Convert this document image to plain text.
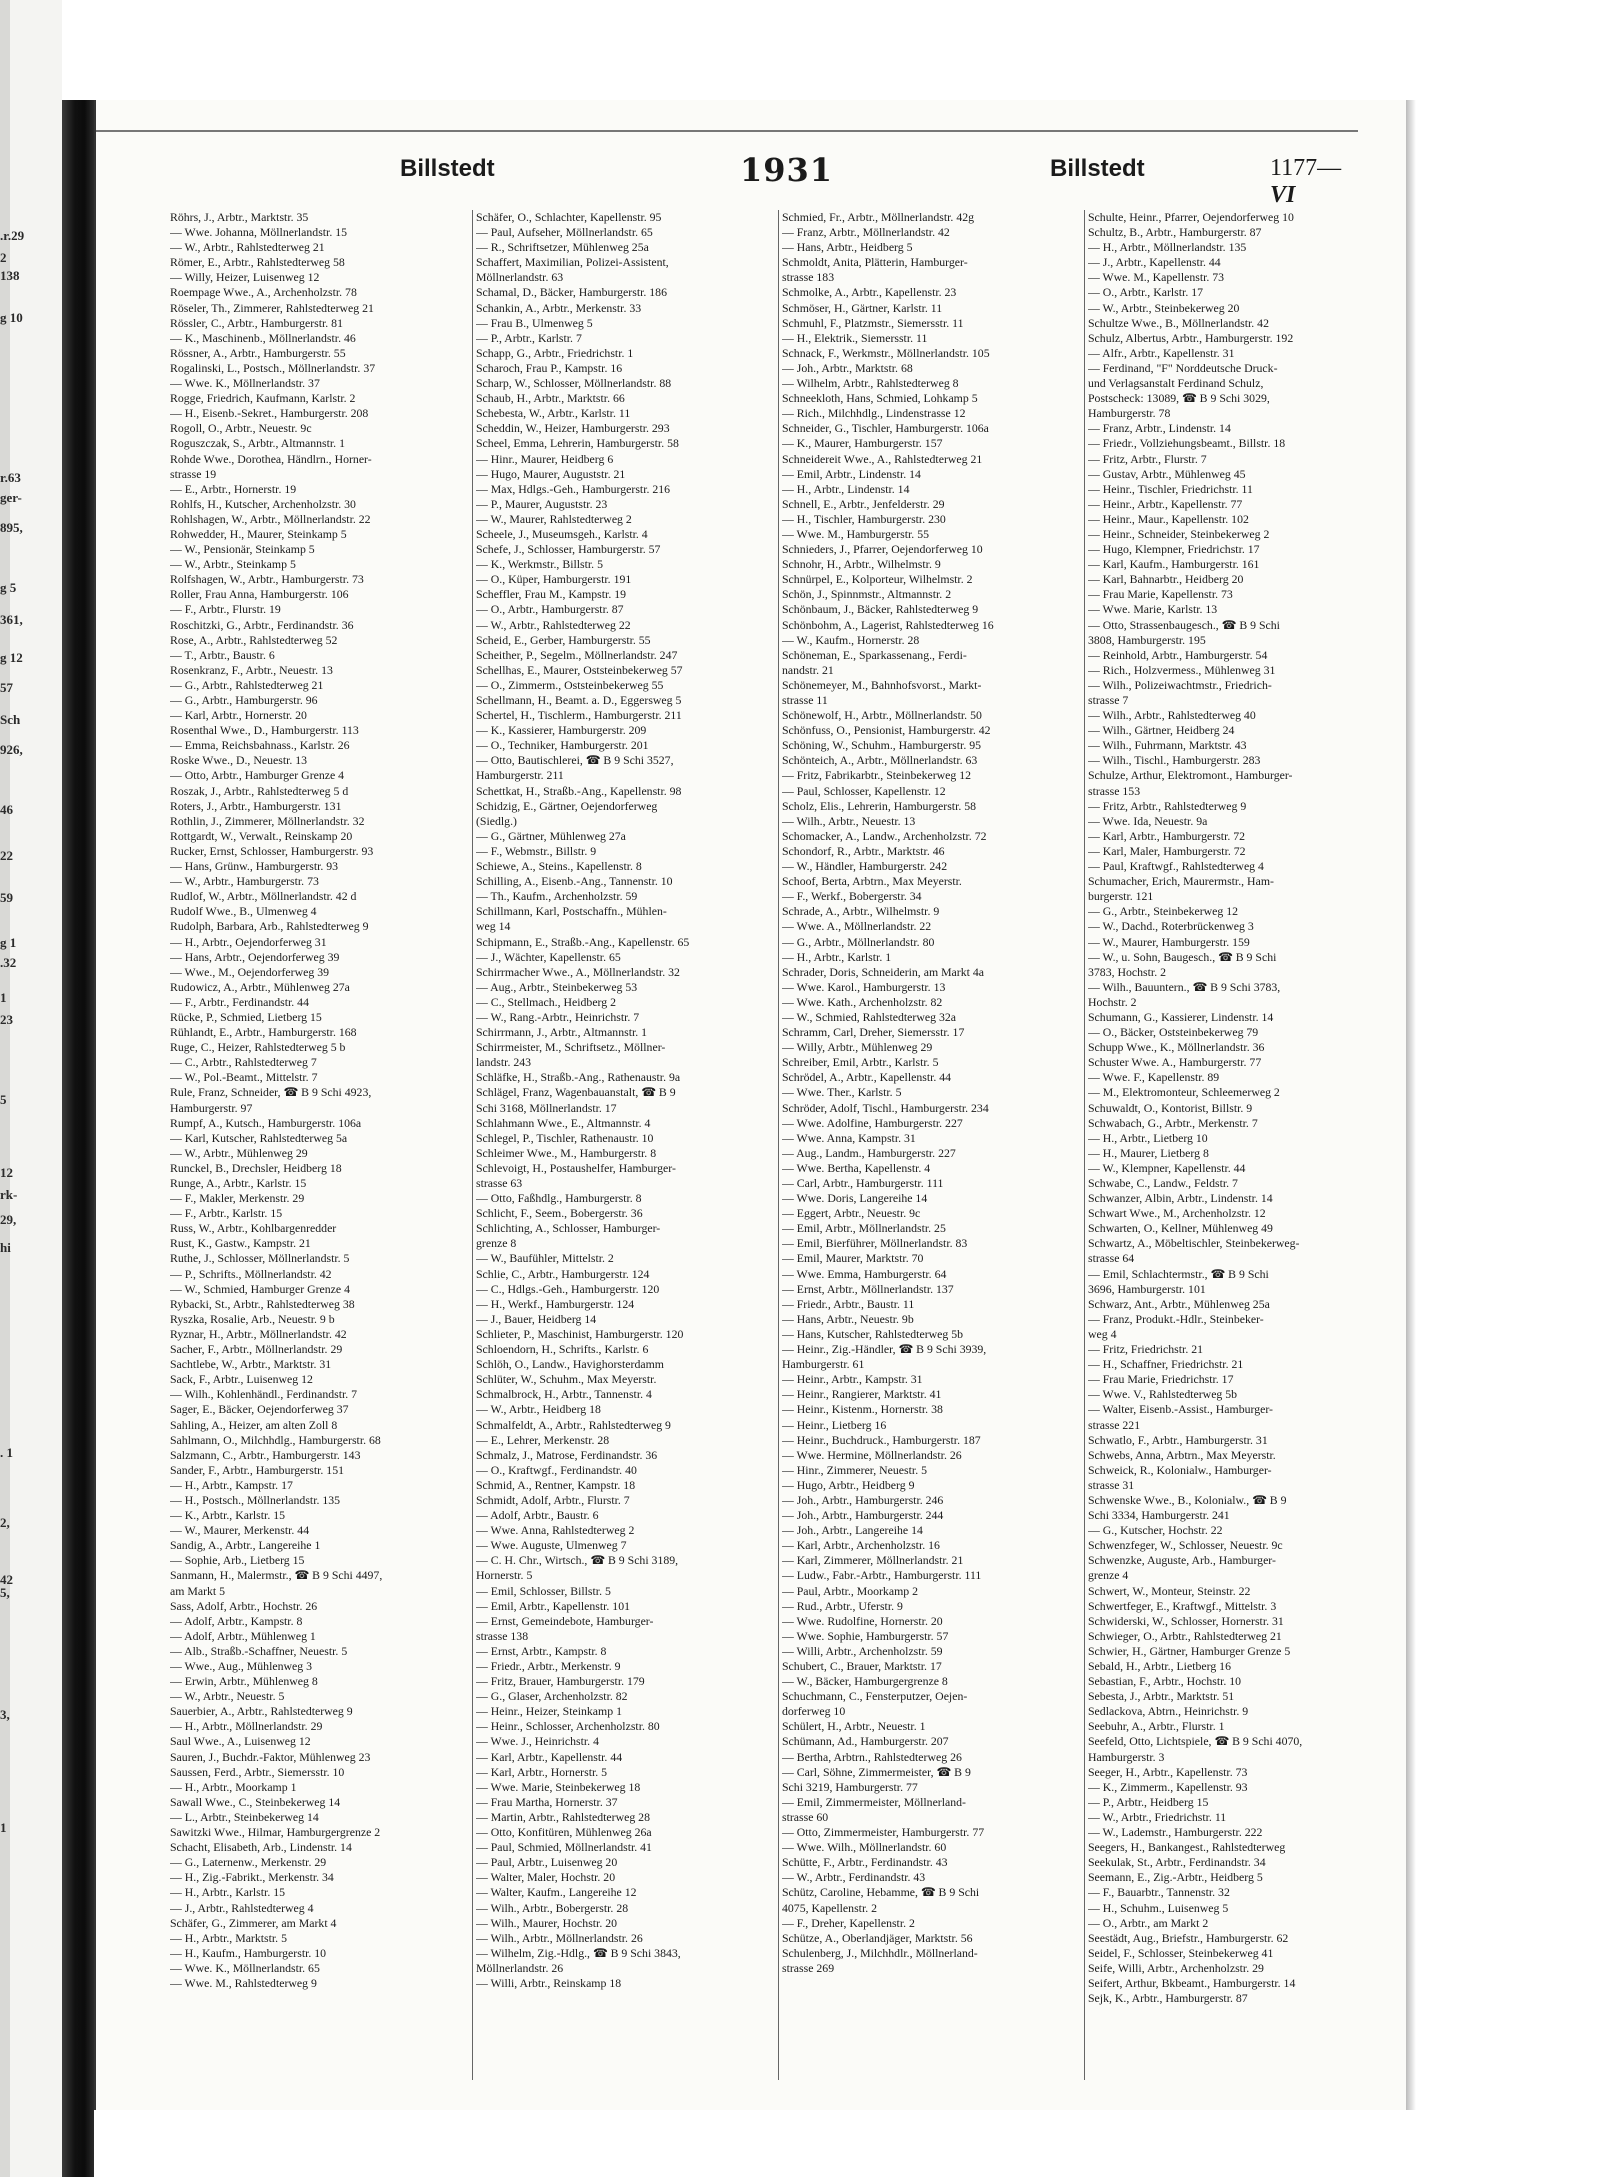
.r.29
2
138
g 10
r.63
ger-
895,
g 5
361,
g 12
57
Sch
926,
46
22
59
g 1
.32
1
23
5
12
rk-
29,
hi
. 1
2,
42
5,
3,
1
Billstedt	1931	Billstedt	1177—VI
Röhrs, J., Arbtr., Marktstr. 35
— Wwe. Johanna, Möllnerlandstr. 15
— W., Arbtr., Rahlstedterweg 21
Römer, E., Arbtr., Rahlstedterweg 58
— Willy, Heizer, Luisenweg 12
Roempage Wwe., A., Archenholzstr. 78
Röseler, Th., Zimmerer, Rahlstedterweg 21
Rössler, C., Arbtr., Hamburgerstr. 81
— K., Maschinenb., Möllnerlandstr. 46
Rössner, A., Arbtr., Hamburgerstr. 55
Rogalinski, L., Postsch., Möllnerlandstr. 37
— Wwe. K., Möllnerlandstr. 37
Rogge, Friedrich, Kaufmann, Karlstr. 2
— H., Eisenb.-Sekret., Hamburgerstr. 208
Rogoll, O., Arbtr., Neuestr. 9c
Roguszczak, S., Arbtr., Altmannstr. 1
Rohde Wwe., Dorothea, Händlrn., Horner-
strasse 19
— E., Arbtr., Hornerstr. 19
Rohlfs, H., Kutscher, Archenholzstr. 30
Rohlshagen, W., Arbtr., Möllnerlandstr. 22
Rohwedder, H., Maurer, Steinkamp 5
— W., Pensionär, Steinkamp 5
— W., Arbtr., Steinkamp 5
Rolfshagen, W., Arbtr., Hamburgerstr. 73
Roller, Frau Anna, Hamburgerstr. 106
— F., Arbtr., Flurstr. 19
Roschitzki, G., Arbtr., Ferdinandstr. 36
Rose, A., Arbtr., Rahlstedterweg 52
— T., Arbtr., Baustr. 6
Rosenkranz, F., Arbtr., Neuestr. 13
— G., Arbtr., Rahlstedterweg 21
— G., Arbtr., Hamburgerstr. 96
— Karl, Arbtr., Hornerstr. 20
Rosenthal Wwe., D., Hamburgerstr. 113
— Emma, Reichsbahnass., Karlstr. 26
Roske Wwe., D., Neuestr. 13
— Otto, Arbtr., Hamburger Grenze 4
Roszak, J., Arbtr., Rahlstedterweg 5 d
Roters, J., Arbtr., Hamburgerstr. 131
Rothlin, J., Zimmerer, Möllnerlandstr. 32
Rottgardt, W., Verwalt., Reinskamp 20
Rucker, Ernst, Schlosser, Hamburgerstr. 93
— Hans, Grünw., Hamburgerstr. 93
— W., Arbtr., Hamburgerstr. 73
Rudlof, W., Arbtr., Möllnerlandstr. 42 d
Rudolf Wwe., B., Ulmenweg 4
Rudolph, Barbara, Arb., Rahlstedterweg 9
— H., Arbtr., Oejendorferweg 31
— Hans, Arbtr., Oejendorferweg 39
— Wwe., M., Oejendorferweg 39
Rudowicz, A., Arbtr., Mühlenweg 27a
— F., Arbtr., Ferdinandstr. 44
Rücke, P., Schmied, Lietberg 15
Rühlandt, E., Arbtr., Hamburgerstr. 168
Ruge, C., Heizer, Rahlstedterweg 5 b
— C., Arbtr., Rahlstedterweg 7
— W., Pol.-Beamt., Mittelstr. 7
Rule, Franz, Schneider, ☎ B 9 Schi 4923,
Hamburgerstr. 97
Rumpf, A., Kutsch., Hamburgerstr. 106a
— Karl, Kutscher, Rahlstedterweg 5a
— W., Arbtr., Mühlenweg 29
Runckel, B., Drechsler, Heidberg 18
Runge, A., Arbtr., Karlstr. 15
— F., Makler, Merkenstr. 29
— F., Arbtr., Karlstr. 15
Russ, W., Arbtr., Kohlbargenredder
Rust, K., Gastw., Kampstr. 21
Ruthe, J., Schlosser, Möllnerlandstr. 5
— P., Schrifts., Möllnerlandstr. 42
— W., Schmied, Hamburger Grenze 4
Rybacki, St., Arbtr., Rahlstedterweg 38
Ryszka, Rosalie, Arb., Neuestr. 9 b
Ryznar, H., Arbtr., Möllnerlandstr. 42
Sacher, F., Arbtr., Möllnerlandstr. 29
Sachtlebe, W., Arbtr., Marktstr. 31
Sack, F., Arbtr., Luisenweg 12
— Wilh., Kohlenhändl., Ferdinandstr. 7
Sager, E., Bäcker, Oejendorferweg 37
Sahling, A., Heizer, am alten Zoll 8
Sahlmann, O., Milchhdlg., Hamburgerstr. 68
Salzmann, C., Arbtr., Hamburgerstr. 143
Sander, F., Arbtr., Hamburgerstr. 151
— H., Arbtr., Kampstr. 17
— H., Postsch., Möllnerlandstr. 135
— K., Arbtr., Karlstr. 15
— W., Maurer, Merkenstr. 44
Sandig, A., Arbtr., Langereihe 1
— Sophie, Arb., Lietberg 15
Sanmann, H., Malermstr., ☎ B 9 Schi 4497,
am Markt 5
Sass, Adolf, Arbtr., Hochstr. 26
— Adolf, Arbtr., Kampstr. 8
— Adolf, Arbtr., Mühlenweg 1
— Alb., Straßb.-Schaffner, Neuestr. 5
— Wwe., Aug., Mühlenweg 3
— Erwin, Arbtr., Mühlenweg 8
— W., Arbtr., Neuestr. 5
Sauerbier, A., Arbtr., Rahlstedterweg 9
— H., Arbtr., Möllnerlandstr. 29
Saul Wwe., A., Luisenweg 12
Sauren, J., Buchdr.-Faktor, Mühlenweg 23
Saussen, Ferd., Arbtr., Siemersstr. 10
— H., Arbtr., Moorkamp 1
Sawall Wwe., C., Steinbekerweg 14
— L., Arbtr., Steinbekerweg 14
Sawitzki Wwe., Hilmar, Hamburgergrenze 2
Schacht, Elisabeth, Arb., Lindenstr. 14
— G., Laternenw., Merkenstr. 29
— H., Zig.-Fabrikt., Merkenstr. 34
— H., Arbtr., Karlstr. 15
— J., Arbtr., Rahlstedterweg 4
Schäfer, G., Zimmerer, am Markt 4
— H., Arbtr., Marktstr. 5
— H., Kaufm., Hamburgerstr. 10
— Wwe. K., Möllnerlandstr. 65
— Wwe. M., Rahlstedterweg 9
Schäfer, O., Schlachter, Kapellenstr. 95
— Paul, Aufseher, Möllnerlandstr. 65
— R., Schriftsetzer, Mühlenweg 25a
Schaffert, Maximilian, Polizei-Assistent,
Möllnerlandstr. 63
Schamal, D., Bäcker, Hamburgerstr. 186
Schankin, A., Arbtr., Merkenstr. 33
— Frau B., Ulmenweg 5
— P., Arbtr., Karlstr. 7
Schapp, G., Arbtr., Friedrichstr. 1
Scharoch, Frau P., Kampstr. 16
Scharp, W., Schlosser, Möllnerlandstr. 88
Schaub, H., Arbtr., Marktstr. 66
Schebesta, W., Arbtr., Karlstr. 11
Scheddin, W., Heizer, Hamburgerstr. 293
Scheel, Emma, Lehrerin, Hamburgerstr. 58
— Hinr., Maurer, Heidberg 6
— Hugo, Maurer, Auguststr. 21
— Max, Hdlgs.-Geh., Hamburgerstr. 216
— P., Maurer, Auguststr. 23
— W., Maurer, Rahlstedterweg 2
Scheele, J., Museumsgeh., Karlstr. 4
Schefe, J., Schlosser, Hamburgerstr. 57
— K., Werkmstr., Billstr. 5
— O., Küper, Hamburgerstr. 191
Scheffler, Frau M., Kampstr. 19
— O., Arbtr., Hamburgerstr. 87
— W., Arbtr., Rahlstedterweg 22
Scheid, E., Gerber, Hamburgerstr. 55
Scheither, P., Segelm., Möllnerlandstr. 247
Schellhas, E., Maurer, Oststeinbekerweg 57
— O., Zimmerm., Oststeinbekerweg 55
Schellmann, H., Beamt. a. D., Eggersweg 5
Schertel, H., Tischlerm., Hamburgerstr. 211
— K., Kassierer, Hamburgerstr. 209
— O., Techniker, Hamburgerstr. 201
— Otto, Bautischlerei, ☎ B 9 Schi 3527,
Hamburgerstr. 211
Schettkat, H., Straßb.-Ang., Kapellenstr. 98
Schidzig, E., Gärtner, Oejendorferweg
(Siedlg.)
— G., Gärtner, Mühlenweg 27a
— F., Webmstr., Billstr. 9
Schiewe, A., Steins., Kapellenstr. 8
Schilling, A., Eisenb.-Ang., Tannenstr. 10
— Th., Kaufm., Archenholzstr. 59
Schillmann, Karl, Postschaffn., Mühlen-
weg 14
Schipmann, E., Straßb.-Ang., Kapellenstr. 65
— J., Wächter, Kapellenstr. 65
Schirrmacher Wwe., A., Möllnerlandstr. 32
— Aug., Arbtr., Steinbekerweg 53
— C., Stellmach., Heidberg 2
— W., Rang.-Arbtr., Heinrichstr. 7
Schirrmann, J., Arbtr., Altmannstr. 1
Schirrmeister, M., Schriftsetz., Möllner-
landstr. 243
Schläfke, H., Straßb.-Ang., Rathenaustr. 9a
Schlägel, Franz, Wagenbauanstalt, ☎ B 9
Schi 3168, Möllnerlandstr. 17
Schlahmann Wwe., E., Altmannstr. 4
Schlegel, P., Tischler, Rathenaustr. 10
Schleimer Wwe., M., Hamburgerstr. 8
Schlevoigt, H., Postaushelfer, Hamburger-
strasse 63
— Otto, Faßhdlg., Hamburgerstr. 8
Schlicht, F., Seem., Bobergerstr. 36
Schlichting, A., Schlosser, Hamburger-
grenze 8
— W., Baufühler, Mittelstr. 2
Schlie, C., Arbtr., Hamburgerstr. 124
— C., Hdlgs.-Geh., Hamburgerstr. 120
— H., Werkf., Hamburgerstr. 124
— J., Bauer, Heidberg 14
Schlieter, P., Maschinist, Hamburgerstr. 120
Schloendorn, H., Schrifts., Karlstr. 6
Schlöh, O., Landw., Havighorsterdamm
Schlüter, W., Schuhm., Max Meyerstr.
Schmalbrock, H., Arbtr., Tannenstr. 4
— W., Arbtr., Heidberg 18
Schmalfeldt, A., Arbtr., Rahlstedterweg 9
— E., Lehrer, Merkenstr. 28
Schmalz, J., Matrose, Ferdinandstr. 36
— O., Kraftwgf., Ferdinandstr. 40
Schmid, A., Rentner, Kampstr. 18
Schmidt, Adolf, Arbtr., Flurstr. 7
— Adolf, Arbtr., Baustr. 6
— Wwe. Anna, Rahlstedterweg 2
— Wwe. Auguste, Ulmenweg 7
— C. H. Chr., Wirtsch., ☎ B 9 Schi 3189,
Hornerstr. 5
— Emil, Schlosser, Billstr. 5
— Emil, Arbtr., Kapellenstr. 101
— Ernst, Gemeindebote, Hamburger-
strasse 138
— Ernst, Arbtr., Kampstr. 8
— Friedr., Arbtr., Merkenstr. 9
— Fritz, Brauer, Hamburgerstr. 179
— G., Glaser, Archenholzstr. 82
— Heinr., Heizer, Steinkamp 1
— Heinr., Schlosser, Archenholzstr. 80
— Wwe. J., Heinrichstr. 4
— Karl, Arbtr., Kapellenstr. 44
— Karl, Arbtr., Hornerstr. 5
— Wwe. Marie, Steinbekerweg 18
— Frau Martha, Hornerstr. 37
— Martin, Arbtr., Rahlstedterweg 28
— Otto, Konfitüren, Mühlenweg 26a
— Paul, Schmied, Möllnerlandstr. 41
— Paul, Arbtr., Luisenweg 20
— Walter, Maler, Hochstr. 20
— Walter, Kaufm., Langereihe 12
— Wilh., Arbtr., Bobergerstr. 28
— Wilh., Maurer, Hochstr. 20
— Wilh., Arbtr., Möllnerlandstr. 26
— Wilhelm, Zig.-Hdlg., ☎ B 9 Schi 3843,
Möllnerlandstr. 26
— Willi, Arbtr., Reinskamp 18
Schmied, Fr., Arbtr., Möllnerlandstr. 42g
— Franz, Arbtr., Möllnerlandstr. 42
— Hans, Arbtr., Heidberg 5
Schmoldt, Anita, Plätterin, Hamburger-
strasse 183
Schmolke, A., Arbtr., Kapellenstr. 23
Schmöser, H., Gärtner, Karlstr. 11
Schmuhl, F., Platzmstr., Siemersstr. 11
— H., Elektrik., Siemersstr. 11
Schnack, F., Werkmstr., Möllnerlandstr. 105
— Joh., Arbtr., Marktstr. 68
— Wilhelm, Arbtr., Rahlstedterweg 8
Schneekloth, Hans, Schmied, Lohkamp 5
— Rich., Milchhdlg., Lindenstrasse 12
Schneider, G., Tischler, Hamburgerstr. 106a
— K., Maurer, Hamburgerstr. 157
Schneidereit Wwe., A., Rahlstedterweg 21
— Emil, Arbtr., Lindenstr. 14
— H., Arbtr., Lindenstr. 14
Schnell, E., Arbtr., Jenfelderstr. 29
— H., Tischler, Hamburgerstr. 230
— Wwe. M., Hamburgerstr. 55
Schnieders, J., Pfarrer, Oejendorferweg 10
Schnohr, H., Arbtr., Wilhelmstr. 9
Schnürpel, E., Kolporteur, Wilhelmstr. 2
Schön, J., Spinnmstr., Altmannstr. 2
Schönbaum, J., Bäcker, Rahlstedterweg 9
Schönbohm, A., Lagerist, Rahlstedterweg 16
— W., Kaufm., Hornerstr. 28
Schöneman, E., Sparkassenang., Ferdi-
nandstr. 21
Schönemeyer, M., Bahnhofsvorst., Markt-
strasse 11
Schönewolf, H., Arbtr., Möllnerlandstr. 50
Schönfuss, O., Pensionist, Hamburgerstr. 42
Schöning, W., Schuhm., Hamburgerstr. 95
Schönteich, A., Arbtr., Möllnerlandstr. 63
— Fritz, Fabrikarbtr., Steinbekerweg 12
— Paul, Schlosser, Kapellenstr. 12
Scholz, Elis., Lehrerin, Hamburgerstr. 58
— Wilh., Arbtr., Neuestr. 13
Schomacker, A., Landw., Archenholzstr. 72
Schondorf, R., Arbtr., Marktstr. 46
— W., Händler, Hamburgerstr. 242
Schoof, Berta, Arbtrn., Max Meyerstr.
— F., Werkf., Bobergerstr. 34
Schrade, A., Arbtr., Wilhelmstr. 9
— Wwe. A., Möllnerlandstr. 22
— G., Arbtr., Möllnerlandstr. 80
— H., Arbtr., Karlstr. 1
Schrader, Doris, Schneiderin, am Markt 4a
— Wwe. Karol., Hamburgerstr. 13
— Wwe. Kath., Archenholzstr. 82
— W., Schmied, Rahlstedterweg 32a
Schramm, Carl, Dreher, Siemersstr. 17
— Willy, Arbtr., Mühlenweg 29
Schreiber, Emil, Arbtr., Karlstr. 5
Schrödel, A., Arbtr., Kapellenstr. 44
— Wwe. Ther., Karlstr. 5
Schröder, Adolf, Tischl., Hamburgerstr. 234
— Wwe. Adolfine, Hamburgerstr. 227
— Wwe. Anna, Kampstr. 31
— Aug., Landm., Hamburgerstr. 227
— Wwe. Bertha, Kapellenstr. 4
— Carl, Arbtr., Hamburgerstr. 111
— Wwe. Doris, Langereihe 14
— Eggert, Arbtr., Neuestr. 9c
— Emil, Arbtr., Möllnerlandstr. 25
— Emil, Bierführer, Möllnerlandstr. 83
— Emil, Maurer, Marktstr. 70
— Wwe. Emma, Hamburgerstr. 64
— Ernst, Arbtr., Möllnerlandstr. 137
— Friedr., Arbtr., Baustr. 11
— Hans, Arbtr., Neuestr. 9b
— Hans, Kutscher, Rahlstedterweg 5b
— Heinr., Zig.-Händler, ☎ B 9 Schi 3939,
Hamburgerstr. 61
— Heinr., Arbtr., Kampstr. 31
— Heinr., Rangierer, Marktstr. 41
— Heinr., Kistenm., Hornerstr. 38
— Heinr., Lietberg 16
— Heinr., Buchdruck., Hamburgerstr. 187
— Wwe. Hermine, Möllnerlandstr. 26
— Hinr., Zimmerer, Neuestr. 5
— Hugo, Arbtr., Heidberg 9
— Joh., Arbtr., Hamburgerstr. 246
— Joh., Arbtr., Hamburgerstr. 244
— Joh., Arbtr., Langereihe 14
— Karl, Arbtr., Archenholzstr. 16
— Karl, Zimmerer, Möllnerlandstr. 21
— Ludw., Fabr.-Arbtr., Hamburgerstr. 111
— Paul, Arbtr., Moorkamp 2
— Rud., Arbtr., Uferstr. 9
— Wwe. Rudolfine, Hornerstr. 20
— Wwe. Sophie, Hamburgerstr. 57
— Willi, Arbtr., Archenholzstr. 59
Schubert, C., Brauer, Marktstr. 17
— W., Bäcker, Hamburgergrenze 8
Schuchmann, C., Fensterputzer, Oejen-
dorferweg 10
Schülert, H., Arbtr., Neuestr. 1
Schümann, Ad., Hamburgerstr. 207
— Bertha, Arbtrn., Rahlstedterweg 26
— Carl, Söhne, Zimmermeister, ☎ B 9
Schi 3219, Hamburgerstr. 77
— Emil, Zimmermeister, Möllnerland-
strasse 60
— Otto, Zimmermeister, Hamburgerstr. 77
— Wwe. Wilh., Möllnerlandstr. 60
Schütte, F., Arbtr., Ferdinandstr. 43
— W., Arbtr., Ferdinandstr. 43
Schütz, Caroline, Hebamme, ☎ B 9 Schi
4075, Kapellenstr. 2
— F., Dreher, Kapellenstr. 2
Schütze, A., Oberlandjäger, Marktstr. 56
Schulenberg, J., Milchhdlr., Möllnerland-
strasse 269
Schulte, Heinr., Pfarrer, Oejendorferweg 10
Schultz, B., Arbtr., Hamburgerstr. 87
— H., Arbtr., Möllnerlandstr. 135
— J., Arbtr., Kapellenstr. 44
— Wwe. M., Kapellenstr. 73
— O., Arbtr., Karlstr. 17
— W., Arbtr., Steinbekerweg 20
Schultze Wwe., B., Möllnerlandstr. 42
Schulz, Albertus, Arbtr., Hamburgerstr. 192
— Alfr., Arbtr., Kapellenstr. 31
— Ferdinand, "F" Norddeutsche Druck-
und Verlagsanstalt Ferdinand Schulz,
Postscheck: 13089, ☎ B 9 Schi 3029,
Hamburgerstr. 78
— Franz, Arbtr., Lindenstr. 14
— Friedr., Vollziehungsbeamt., Billstr. 18
— Fritz, Arbtr., Flurstr. 7
— Gustav, Arbtr., Mühlenweg 45
— Heinr., Tischler, Friedrichstr. 11
— Heinr., Arbtr., Kapellenstr. 77
— Heinr., Maur., Kapellenstr. 102
— Heinr., Schneider, Steinbekerweg 2
— Hugo, Klempner, Friedrichstr. 17
— Karl, Kaufm., Hamburgerstr. 161
— Karl, Bahnarbtr., Heidberg 20
— Frau Marie, Kapellenstr. 73
— Wwe. Marie, Karlstr. 13
— Otto, Strassenbaugesch., ☎ B 9 Schi
3808, Hamburgerstr. 195
— Reinhold, Arbtr., Hamburgerstr. 54
— Rich., Holzvermess., Mühlenweg 31
— Wilh., Polizeiwachtmstr., Friedrich-
strasse 7
— Wilh., Arbtr., Rahlstedterweg 40
— Wilh., Gärtner, Heidberg 24
— Wilh., Fuhrmann, Marktstr. 43
— Wilh., Tischl., Hamburgerstr. 283
Schulze, Arthur, Elektromont., Hamburger-
strasse 153
— Fritz, Arbtr., Rahlstedterweg 9
— Wwe. Ida, Neuestr. 9a
— Karl, Arbtr., Hamburgerstr. 72
— Karl, Maler, Hamburgerstr. 72
— Paul, Kraftwgf., Rahlstedterweg 4
Schumacher, Erich, Maurermstr., Ham-
burgerstr. 121
— G., Arbtr., Steinbekerweg 12
— W., Dachd., Roterbrückenweg 3
— W., Maurer, Hamburgerstr. 159
— W., u. Sohn, Baugesch., ☎ B 9 Schi
3783, Hochstr. 2
— Wilh., Bauuntern., ☎ B 9 Schi 3783,
Hochstr. 2
Schumann, G., Kassierer, Lindenstr. 14
— O., Bäcker, Oststeinbekerweg 79
Schupp Wwe., K., Möllnerlandstr. 36
Schuster Wwe. A., Hamburgerstr. 77
— Wwe. F., Kapellenstr. 89
— M., Elektromonteur, Schleemerweg 2
Schuwaldt, O., Kontorist, Billstr. 9
Schwabach, G., Arbtr., Merkenstr. 7
— H., Arbtr., Lietberg 10
— H., Maurer, Lietberg 8
— W., Klempner, Kapellenstr. 44
Schwabe, C., Landw., Feldstr. 7
Schwanzer, Albin, Arbtr., Lindenstr. 14
Schwart Wwe., M., Archenholzstr. 12
Schwarten, O., Kellner, Mühlenweg 49
Schwartz, A., Möbeltischler, Steinbekerweg-
strasse 64
— Emil, Schlachtermstr., ☎ B 9 Schi
3696, Hamburgerstr. 101
Schwarz, Ant., Arbtr., Mühlenweg 25a
— Franz, Produkt.-Hdlr., Steinbeker-
weg 4
— Fritz, Friedrichstr. 21
— H., Schaffner, Friedrichstr. 21
— Frau Marie, Friedrichstr. 17
— Wwe. V., Rahlstedterweg 5b
— Walter, Eisenb.-Assist., Hamburger-
strasse 221
Schwatlo, F., Arbtr., Hamburgerstr. 31
Schwebs, Anna, Arbtrn., Max Meyerstr.
Schweick, R., Kolonialw., Hamburger-
strasse 31
Schwenske Wwe., B., Kolonialw., ☎ B 9
Schi 3334, Hamburgerstr. 241
— G., Kutscher, Hochstr. 22
Schwenzfeger, W., Schlosser, Neuestr. 9c
Schwenzke, Auguste, Arb., Hamburger-
grenze 4
Schwert, W., Monteur, Steinstr. 22
Schwertfeger, E., Kraftwgf., Mittelstr. 3
Schwiderski, W., Schlosser, Hornerstr. 31
Schwieger, O., Arbtr., Rahlstedterweg 21
Schwier, H., Gärtner, Hamburger Grenze 5
Sebald, H., Arbtr., Lietberg 16
Sebastian, F., Arbtr., Hochstr. 10
Sebesta, J., Arbtr., Marktstr. 51
Sedlackova, Abtrn., Heinrichstr. 9
Seebuhr, A., Arbtr., Flurstr. 1
Seefeld, Otto, Lichtspiele, ☎ B 9 Schi 4070,
Hamburgerstr. 3
Seeger, H., Arbtr., Kapellenstr. 73
— K., Zimmerm., Kapellenstr. 93
— P., Arbtr., Heidberg 15
— W., Arbtr., Friedrichstr. 11
— W., Lademstr., Hamburgerstr. 222
Seegers, H., Bankangest., Rahlstedterweg
Seekulak, St., Arbtr., Ferdinandstr. 34
Seemann, E., Zig.-Arbtr., Heidberg 5
— F., Bauarbtr., Tannenstr. 32
— H., Schuhm., Luisenweg 5
— O., Arbtr., am Markt 2
Seestädt, Aug., Briefstr., Hamburgerstr. 62
Seidel, F., Schlosser, Steinbekerweg 41
Seife, Willi, Arbtr., Archenholzstr. 29
Seifert, Arthur, Bkbeamt., Hamburgerstr. 14
Sejk, K., Arbtr., Hamburgerstr. 87
